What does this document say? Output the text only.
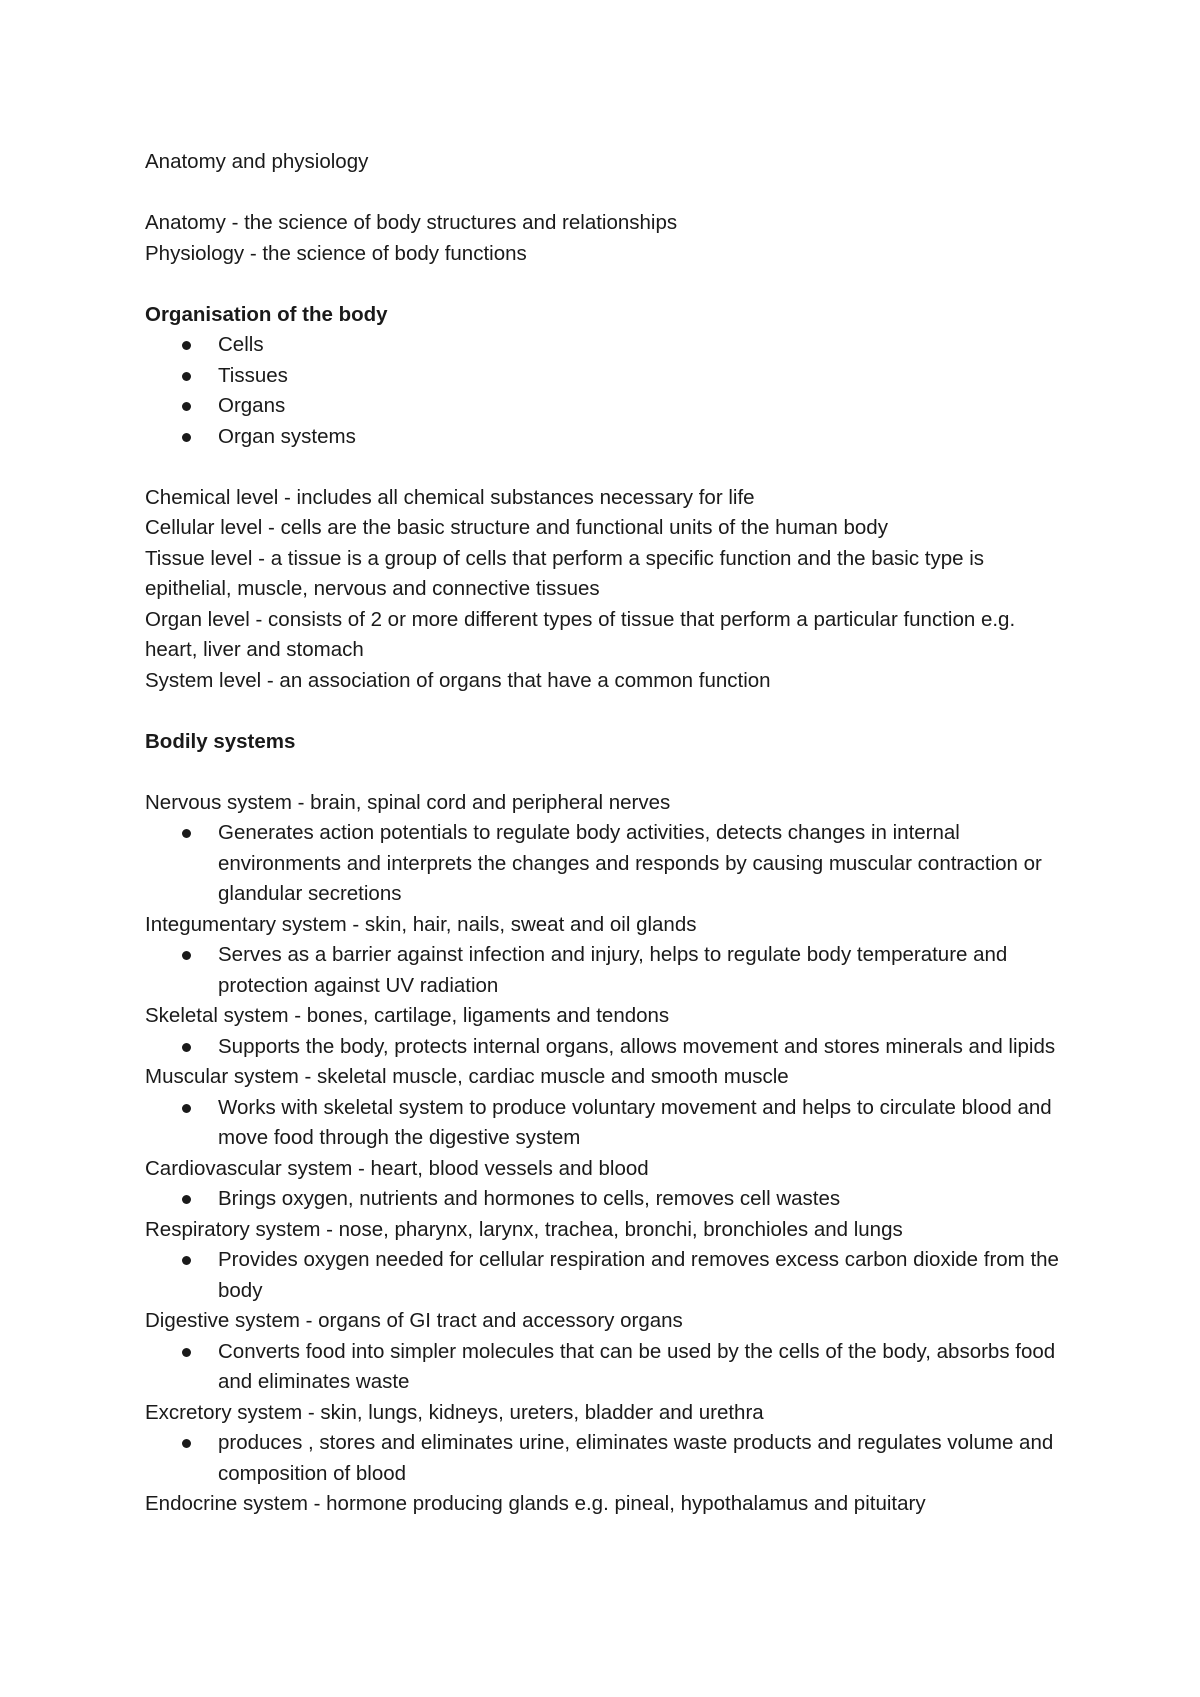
Anatomy and physiology

Anatomy - the science of body structures and relationships

Physiology - the science of body functions

Organisation of the body

Cells
Tissues
Organs
Organ systems

Chemical level - includes all chemical substances necessary for life

Cellular level - cells are the basic structure and functional units of the human body

Tissue level - a tissue is a group of cells that perform a specific function and the basic type is epithelial, muscle, nervous and connective tissues

Organ level - consists of 2 or more different types of tissue that perform a particular function e.g. heart, liver and stomach

System level - an association of organs that have a common function

Bodily systems

Nervous system - brain, spinal cord and peripheral nerves

Generates action potentials to regulate body activities, detects changes in internal environments and interprets the changes and responds by causing muscular contraction or glandular secretions

Integumentary system - skin, hair, nails, sweat and oil glands

Serves as a barrier against infection and injury, helps to regulate body temperature and protection against UV radiation

Skeletal system - bones, cartilage, ligaments and tendons

Supports the body, protects internal organs, allows movement and stores minerals and lipids

Muscular system - skeletal muscle, cardiac muscle and smooth muscle

Works with skeletal system to produce voluntary movement and helps to circulate blood and move food through the digestive system

Cardiovascular system - heart, blood vessels and blood

Brings oxygen, nutrients and hormones to cells, removes cell wastes

Respiratory system - nose, pharynx, larynx, trachea, bronchi, bronchioles and lungs

Provides oxygen needed for cellular respiration and removes excess carbon dioxide from the body

Digestive system - organs of GI tract and accessory organs

Converts food into simpler molecules that can be used by the cells of the body, absorbs food and eliminates waste

Excretory system - skin, lungs, kidneys, ureters, bladder and urethra

produces , stores and eliminates urine, eliminates waste products and regulates volume and composition of blood

Endocrine system - hormone producing glands e.g. pineal, hypothalamus and pituitary
